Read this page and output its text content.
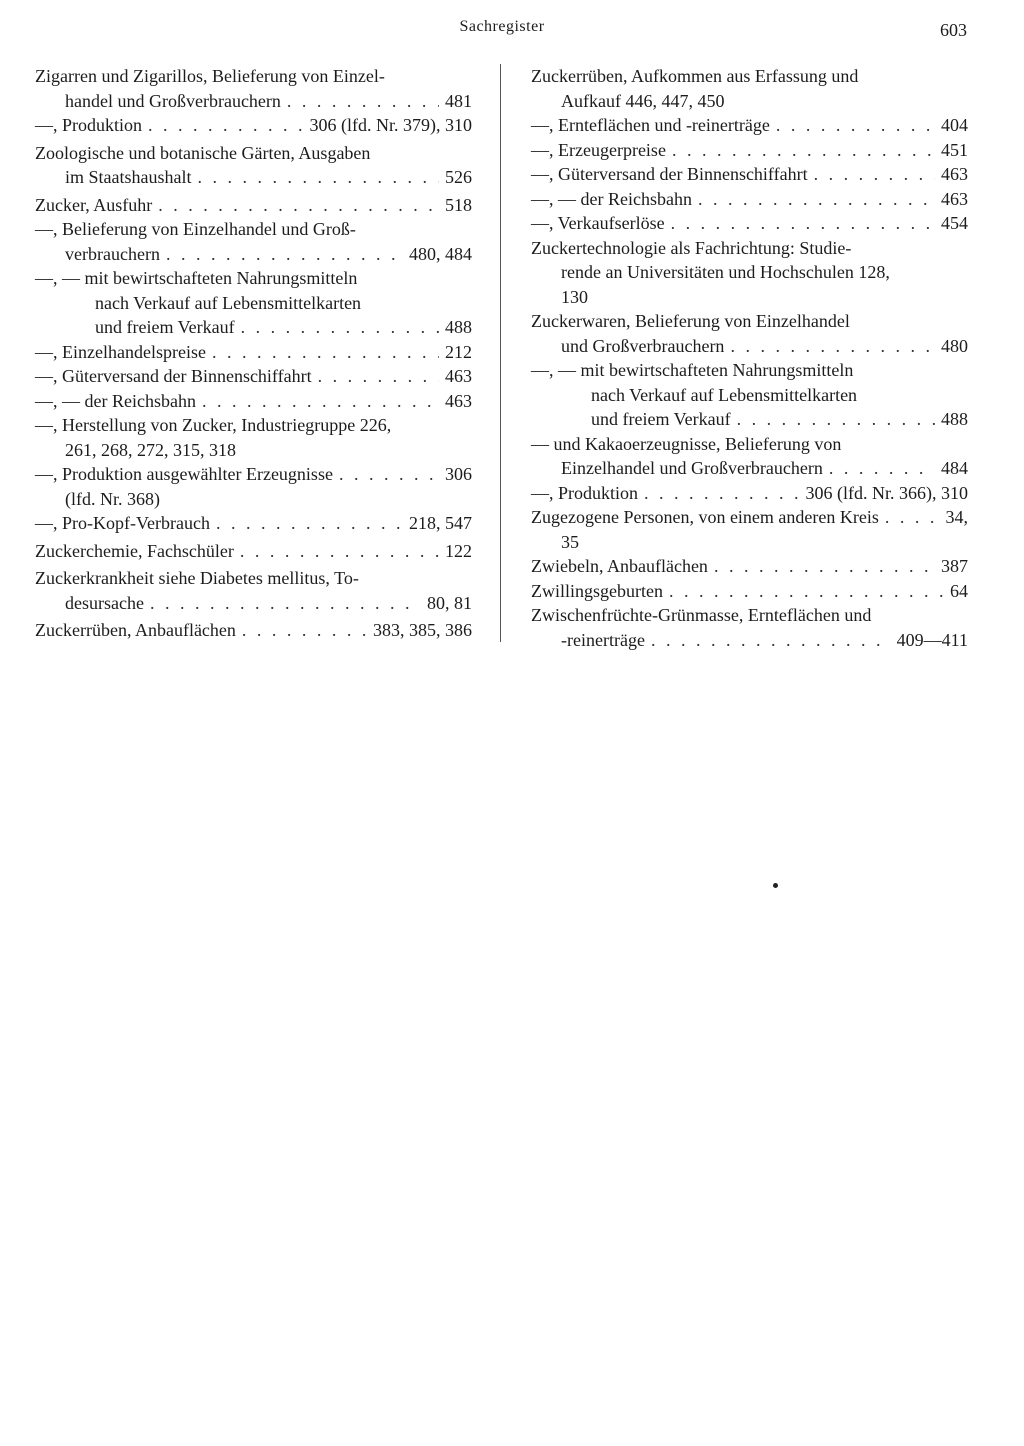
Sachregister	603
Zigarren und Zigarillos, Belieferung von Einzel-
handel und Großverbrauchern . . .	481
—, Produktion . . .	306 (lfd. Nr. 379), 310
Zoologische und botanische Gärten, Ausgaben
im Staatshaushalt . . .	526
Zucker, Ausfuhr . . .	518
—, Belieferung von Einzelhandel und Groß-
verbrauchern . . .	480, 484
—, — mit bewirtschafteten Nahrungsmitteln
nach Verkauf auf Lebensmittelkarten
und freiem Verkauf . . .	488
—, Einzelhandelspreise . . .	212
—, Güterversand der Binnenschiffahrt . . .	463
—, — der Reichsbahn . . .	463
—, Herstellung von Zucker, Industriegruppe 226,
261, 268, 272, 315, 318
—, Produktion ausgewählter Erzeugnisse . . .	306
(lfd. Nr. 368)
—, Pro-Kopf-Verbrauch . . .	218, 547
Zuckerchemie, Fachschüler . . .	122
Zuckerkrankheit siehe Diabetes mellitus, To-
desursache . . .	80, 81
Zuckerrüben, Anbauflächen . . .	383, 385, 386
Zuckerrüben, Aufkommen aus Erfassung und
Aufkauf 446, 447, 450
—, Ernteflächen und -reinerträge . . .	404
—, Erzeugerpreise . . .	451
—, Güterversand der Binnenschiffahrt . . .	463
—, — der Reichsbahn . . .	463
—, Verkaufserlöse . . .	454
Zuckertechnologie als Fachrichtung: Studie-
rende an Universitäten und Hochschulen 128,
130
Zuckerwaren, Belieferung von Einzelhandel
und Großverbrauchern . . .	480
—, — mit bewirtschafteten Nahrungsmitteln
nach Verkauf auf Lebensmittelkarten
und freiem Verkauf . . .	488
— und Kakaoerzeugnisse, Belieferung von
Einzelhandel und Großverbrauchern . . .	484
—, Produktion . . .	306 (lfd. Nr. 366), 310
Zugezogene Personen, von einem anderen Kreis . . .	34,
35
Zwiebeln, Anbauflächen . . .	387
Zwillingsgeburten . . .	64
Zwischenfrüchte-Grünmasse, Ernteflächen und
-reinerträge . . .	409—411
